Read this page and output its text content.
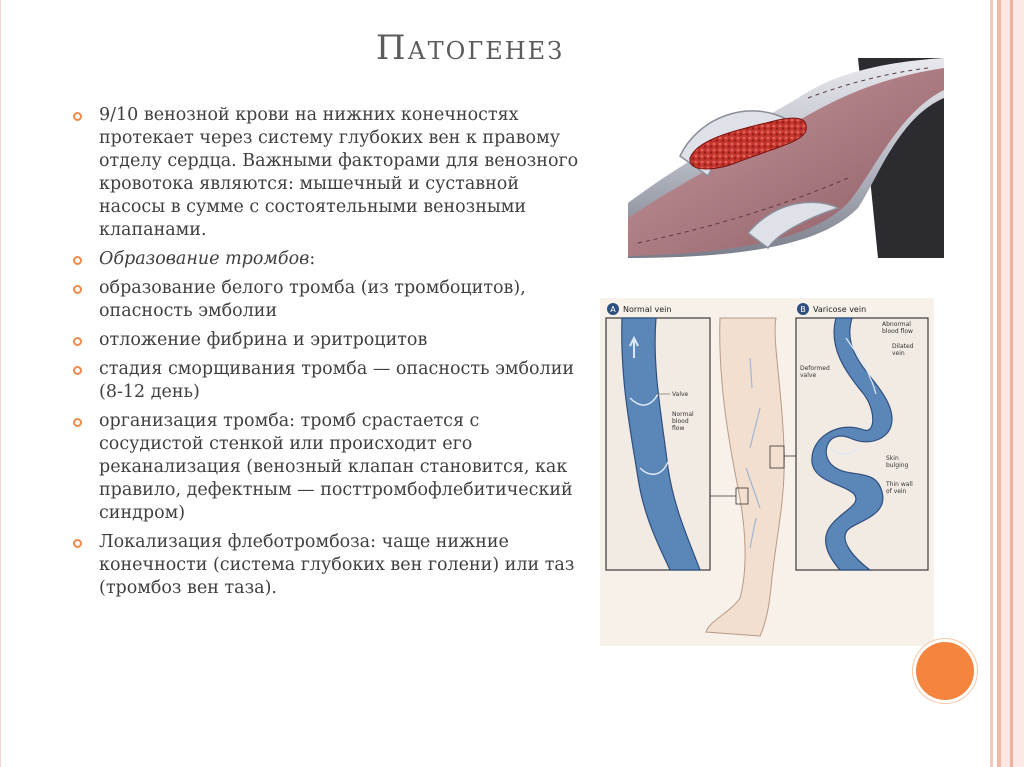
Патогенез
9/10 венозной крови на нижних конечностях протекает через систему глубоких вен к правому отделу сердца. Важными факторами для венозного кровотока являются: мышечный и суставной насосы в сумме с состоятельными венозными клапанами.
Образование тромбов:
образование белого тромба (из тромбоцитов), опасность эмболии
отложение фибрина и эритроцитов
стадия сморщивания тромба — опасность эмболии (8-12 день)
организация тромба: тромб срастается с сосудистой стенкой или происходит его реканализация (венозный клапан становится, как правило, дефектным — посттромбофлебитический синдром)
Локализация флеботромбоза: чаще нижние конечности (система глубоких вен голени) или таз (тромбоз вен таза).
A Normal vein	B Varicose vein
Valve
Normal
blood
flow
Abnormal
blood flow
Dilated
vein
Deformed
valve
Skin
bulging
Thin wall
of vein
